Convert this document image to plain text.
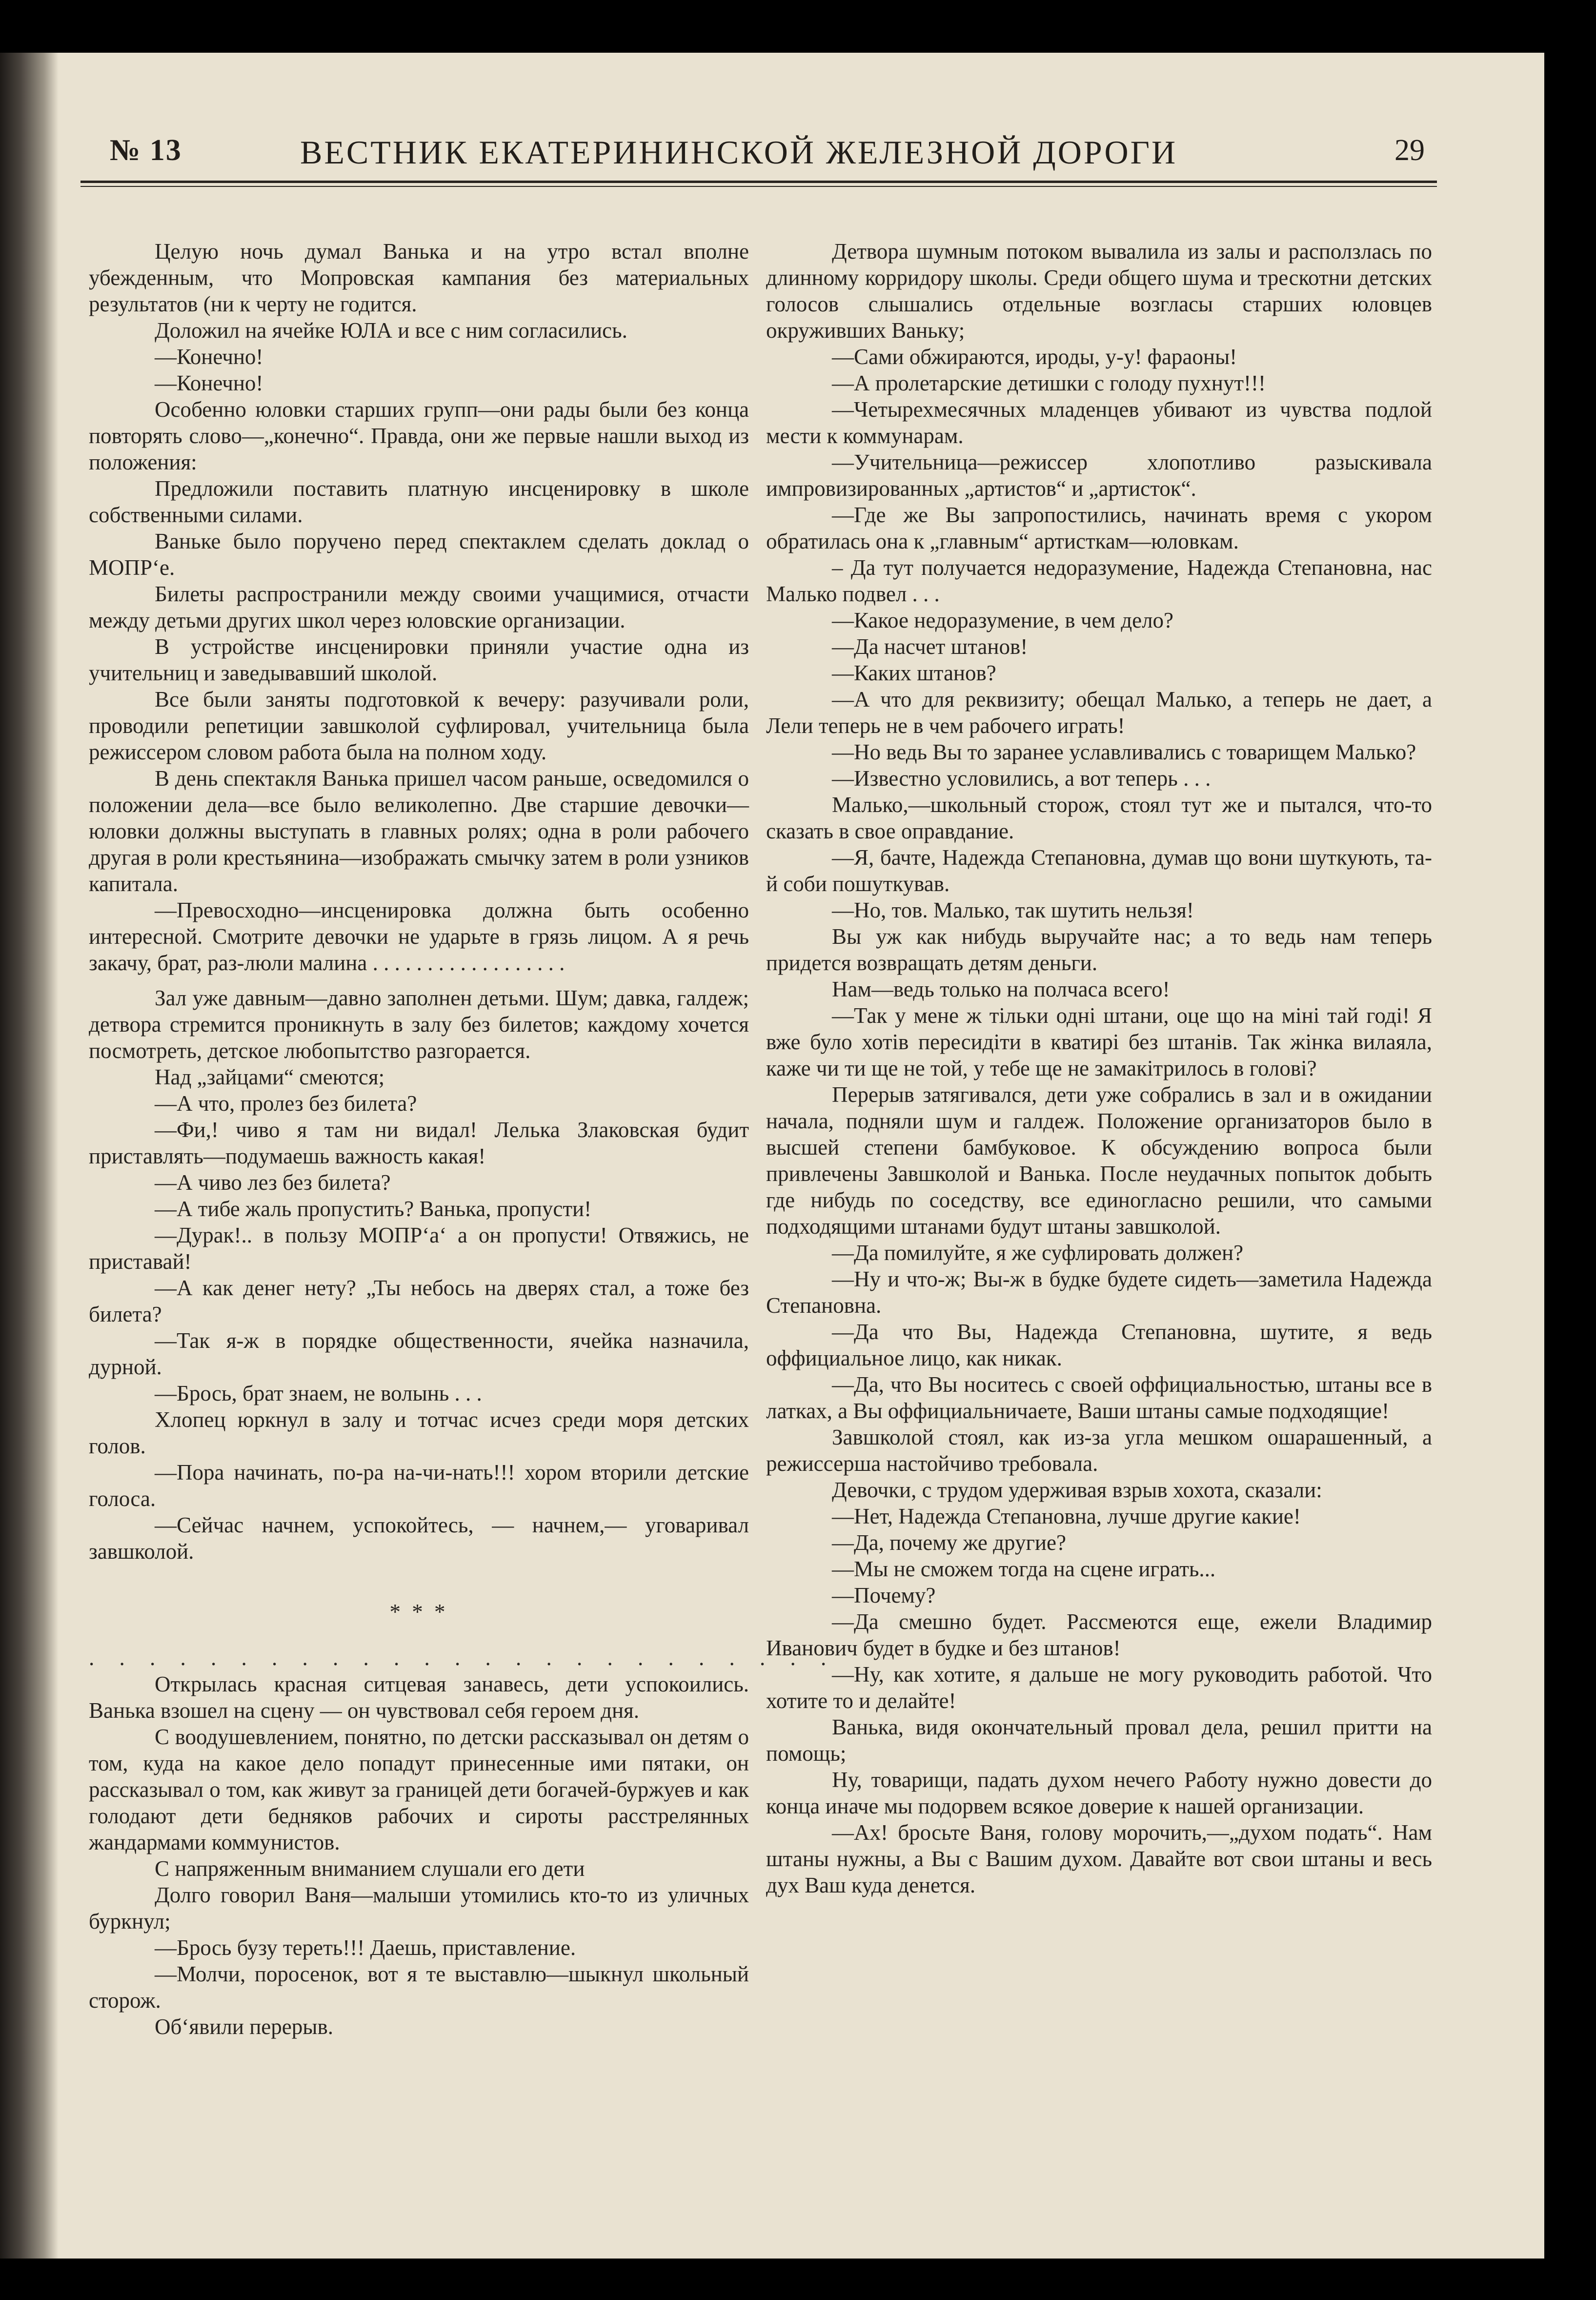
№ 13	ВЕСТНИК ЕКАТЕРИНИНСКОЙ ЖЕЛЕЗНОЙ ДОРОГИ	29

Целую ночь думал Ванька и на утро встал вполне убежденным, что Мопровская кампания без материальных результатов (ни к черту не годится.

Доложил на ячейке ЮЛА и все с ним согласились.

—Конечно!

—Конечно!

Особенно юловки старших групп—они рады были без конца повторять слово—„конечно“. Правда, они же первые нашли выход из положения:

Предложили поставить платную инсценировку в школе собственными силами.

Ваньке было поручено перед спектаклем сделать доклад о МОПР‘е.

Билеты распространили между своими учащимися, отчасти между детьми других школ через юловские организации.

В устройстве инсценировки приняли участие одна из учительниц и заведывавший школой.

Все были заняты подготовкой к вечеру: разучивали роли, проводили репетиции завшколой суфлировал, учительница была режиссером словом работа была на полном ходу.

В день спектакля Ванька пришел часом раньше, осведомился о положении дела—все было великолепно. Две старшие девочки—юловки должны выступать в главных ролях; одна в роли рабочего другая в роли крестьянина—изображать смычку затем в роли узников капитала.

—Превосходно—инсценировка должна быть особенно интересной. Смотрите девочки не ударьте в грязь лицом. А я речь закачу, брат, раз-люли малина . . . . . . . . . . . . . . . . . .

Зал уже давным—давно заполнен детьми. Шум; давка, галдеж; детвора стремится проникнуть в залу без билетов; каждому хочется посмотреть, детское любопытство разгорается.

Над „зайцами“ смеются;

—А что, пролез без билета?

—Фи,! чиво я там ни видал! Лелька Злаковская будит приставлять—подумаешь важность какая!

—А чиво лез без билета?

—А тибе жаль пропустить? Ванька, пропусти!

—Дурак!.. в пользу МОПР‘а‘ а он пропусти! Отвяжись, не приставай!

—А как денег нету? „Ты небось на дверях стал, а тоже без билета?

—Так я-ж в порядке общественности, ячейка назначила, дурной.

—Брось, брат знаем, не волынь . . .

Хлопец юркнул в залу и тотчас исчез среди моря детских голов.

—Пора начинать, по-ра на-чи-нать!!! хором вторили детские голоса.

—Сейчас начнем, успокойтесь, — начнем,— уговаривал завшколой.

* * *

. . . . . . . . . . . . . . . . . . . . . . . . .

Открылась красная ситцевая занавесь, дети успокоились. Ванька взошел на сцену — он чувствовал себя героем дня.

С воодушевлением, понятно, по детски рассказывал он детям о том, куда на какое дело попадут принесенные ими пятаки, он рассказывал о том, как живут за границей дети богачей-буржуев и как голодают дети бедняков рабочих и сироты расстрелянных жандармами коммунистов.

С напряженным вниманием слушали его дети

Долго говорил Ваня—малыши утомились кто-то из уличных буркнул;

—Брось бузу тереть!!! Даешь, приставление.

—Молчи, поросенок, вот я те выставлю—шыкнул школьный сторож.

Об‘явили перерыв.

Детвора шумным потоком вывалила из залы и расползлась по длинному корридору школы. Среди общего шума и трескотни детских голосов слышались отдельные возгласы старших юловцев окруживших Ваньку;

—Сами обжираются, ироды, у-у! фараоны!

—А пролетарские детишки с голоду пухнут!!!

—Четырехмесячных младенцев убивают из чувства подлой мести к коммунарам.

—Учительница—режиссер хлопотливо разыскивала импровизированных „артистов“ и „артисток“.

—Где же Вы запропостились, начинать время с укором обратилась она к „главным“ артисткам—юловкам.

– Да тут получается недоразумение, Надежда Степановна, нас Малько подвел . . .

—Какое недоразумение, в чем дело?

—Да насчет штанов!

—Каких штанов?

—А что для реквизиту; обещал Малько, а теперь не дает, а Лели теперь не в чем рабочего играть!

—Но ведь Вы то заранее уславливались с товарищем Малько?

—Известно условились, а вот теперь . . .

Малько,—школьный сторож, стоял тут же и пытался, что-то сказать в свое оправдание.

—Я, бачте, Надежда Степановна, думав що вони шуткують, та-й соби пошуткував.

—Но, тов. Малько, так шутить нельзя!

Вы уж как нибудь выручайте нас; а то ведь нам теперь придется возвращать детям деньги.

Нам—ведь только на полчаса всего!

—Так у мене ж тільки одні штани, оце що на міні тай годі! Я вже було хотів пересидіти в кватирі без штанів. Так жінка вилаяла, каже чи ти ще не той, у тебе ще не замакітрилось в голові?

Перерыв затягивался, дети уже собрались в зал и в ожидании начала, подняли шум и галдеж. Положение организаторов было в высшей степени бамбуковое. К обсуждению вопроса были привлечены Завшколой и Ванька. После неудачных попыток добыть где нибудь по соседству, все единогласно решили, что самыми подходящими штанами будут штаны завшколой.

—Да помилуйте, я же суфлировать должен?

—Ну и что-ж; Вы-ж в будке будете сидеть—заметила Надежда Степановна.

—Да что Вы, Надежда Степановна, шутите, я ведь оффициальное лицо, как никак.

—Да, что Вы носитесь с своей оффициальностью, штаны все в латках, а Вы оффициальничаете, Ваши штаны самые подходящие!

Завшколой стоял, как из-за угла мешком ошарашенный, а режиссерша настойчиво требовала.

Девочки, с трудом удерживая взрыв хохота, сказали:

—Нет, Надежда Степановна, лучше другие какие!

—Да, почему же другие?

—Мы не сможем тогда на сцене играть...

—Почему?

—Да смешно будет. Рассмеются еще, ежели Владимир Иванович будет в будке и без штанов!

—Ну, как хотите, я дальше не могу руководить работой. Что хотите то и делайте!

Ванька, видя окончательный провал дела, решил притти на помощь;

Ну, товарищи, падать духом нечего Работу нужно довести до конца иначе мы подорвем всякое доверие к нашей организации.

—Ах! бросьте Ваня, голову морочить,—„духом подать“. Нам штаны нужны, а Вы с Вашим духом. Давайте вот свои штаны и весь дух Ваш куда денется.
